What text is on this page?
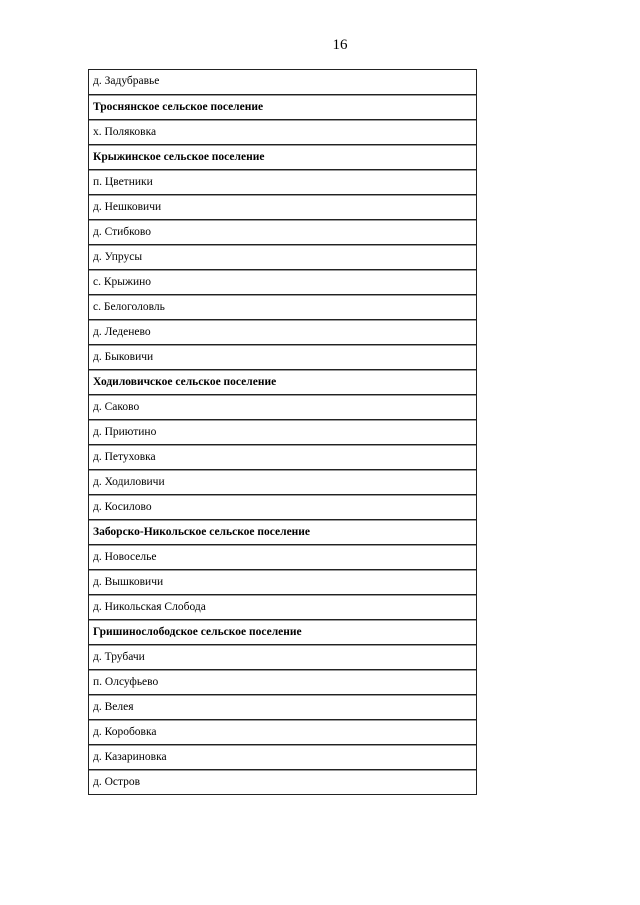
16
д. Задубравье
Троснянское сельское поселение
х. Поляковка
Крыжинское сельское поселение
п. Цветники
д. Нешковичи
д. Стибково
д. Упрусы
с. Крыжино
с. Белоголовль
д. Леденево
д. Быковичи
Ходиловичское сельское поселение
д. Саково
д. Приютино
д. Петуховка
д. Ходиловичи
д. Косилово
Заборско-Никольское сельское поселение
д. Новоселье
д. Вышковичи
д. Никольская Слобода
Гришинослободское сельское поселение
д. Трубачи
п. Олсуфьево
д. Велея
д. Коробовка
д. Казариновка
д. Остров
